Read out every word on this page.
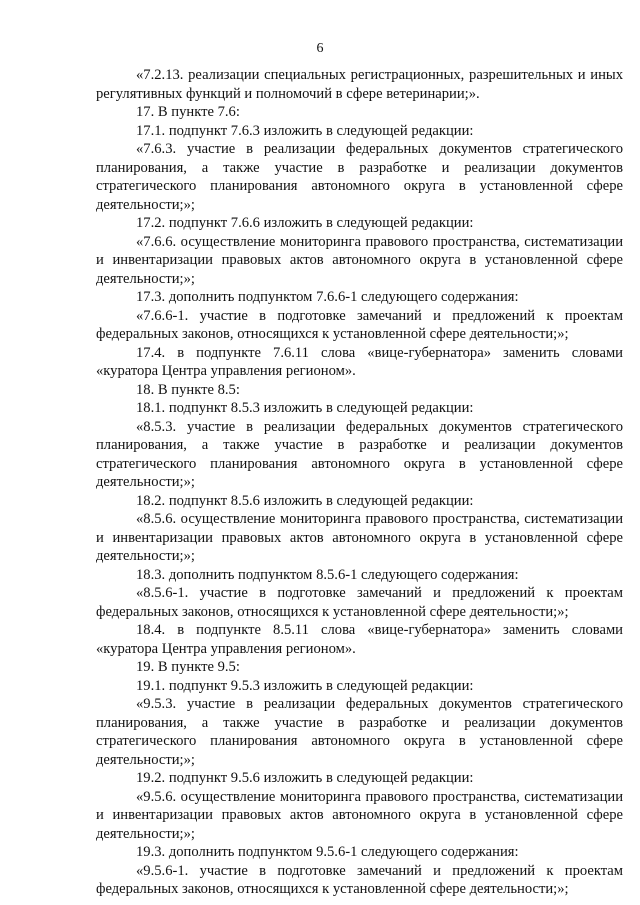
6

«7.2.13. реализации специальных регистрационных, разрешительных и иных регулятивных функций и полномочий в сфере ветеринарии;».

17. В пункте 7.6:

17.1. подпункт 7.6.3 изложить в следующей редакции:

«7.6.3. участие в реализации федеральных документов стратегического планирования, а также участие в разработке и реализации документов стратегического планирования автономного округа в установленной сфере деятельности;»;

17.2. подпункт 7.6.6 изложить в следующей редакции:

«7.6.6. осуществление мониторинга правового пространства, систематизации и инвентаризации правовых актов автономного округа в установленной сфере деятельности;»;

17.3. дополнить подпунктом 7.6.6-1 следующего содержания:

«7.6.6-1. участие в подготовке замечаний и предложений к проектам федеральных законов, относящихся к установленной сфере деятельности;»;

17.4. в подпункте 7.6.11 слова «вице-губернатора» заменить словами «куратора Центра управления регионом».

18. В пункте 8.5:

18.1. подпункт 8.5.3 изложить в следующей редакции:

«8.5.3. участие в реализации федеральных документов стратегического планирования, а также участие в разработке и реализации документов стратегического планирования автономного округа в установленной сфере деятельности;»;

18.2. подпункт 8.5.6 изложить в следующей редакции:

«8.5.6. осуществление мониторинга правового пространства, систематизации и инвентаризации правовых актов автономного округа в установленной сфере деятельности;»;

18.3. дополнить подпунктом 8.5.6-1 следующего содержания:

«8.5.6-1. участие в подготовке замечаний и предложений к проектам федеральных законов, относящихся к установленной сфере деятельности;»;

18.4. в подпункте 8.5.11 слова «вице-губернатора» заменить словами «куратора Центра управления регионом».

19. В пункте 9.5:

19.1. подпункт 9.5.3 изложить в следующей редакции:

«9.5.3. участие в реализации федеральных документов стратегического планирования, а также участие в разработке и реализации документов стратегического планирования автономного округа в установленной сфере деятельности;»;

19.2. подпункт 9.5.6 изложить в следующей редакции:

«9.5.6. осуществление мониторинга правового пространства, систематизации и инвентаризации правовых актов автономного округа в установленной сфере деятельности;»;

19.3. дополнить подпунктом 9.5.6-1 следующего содержания:

«9.5.6-1. участие в подготовке замечаний и предложений к проектам федеральных законов, относящихся к установленной сфере деятельности;»;
